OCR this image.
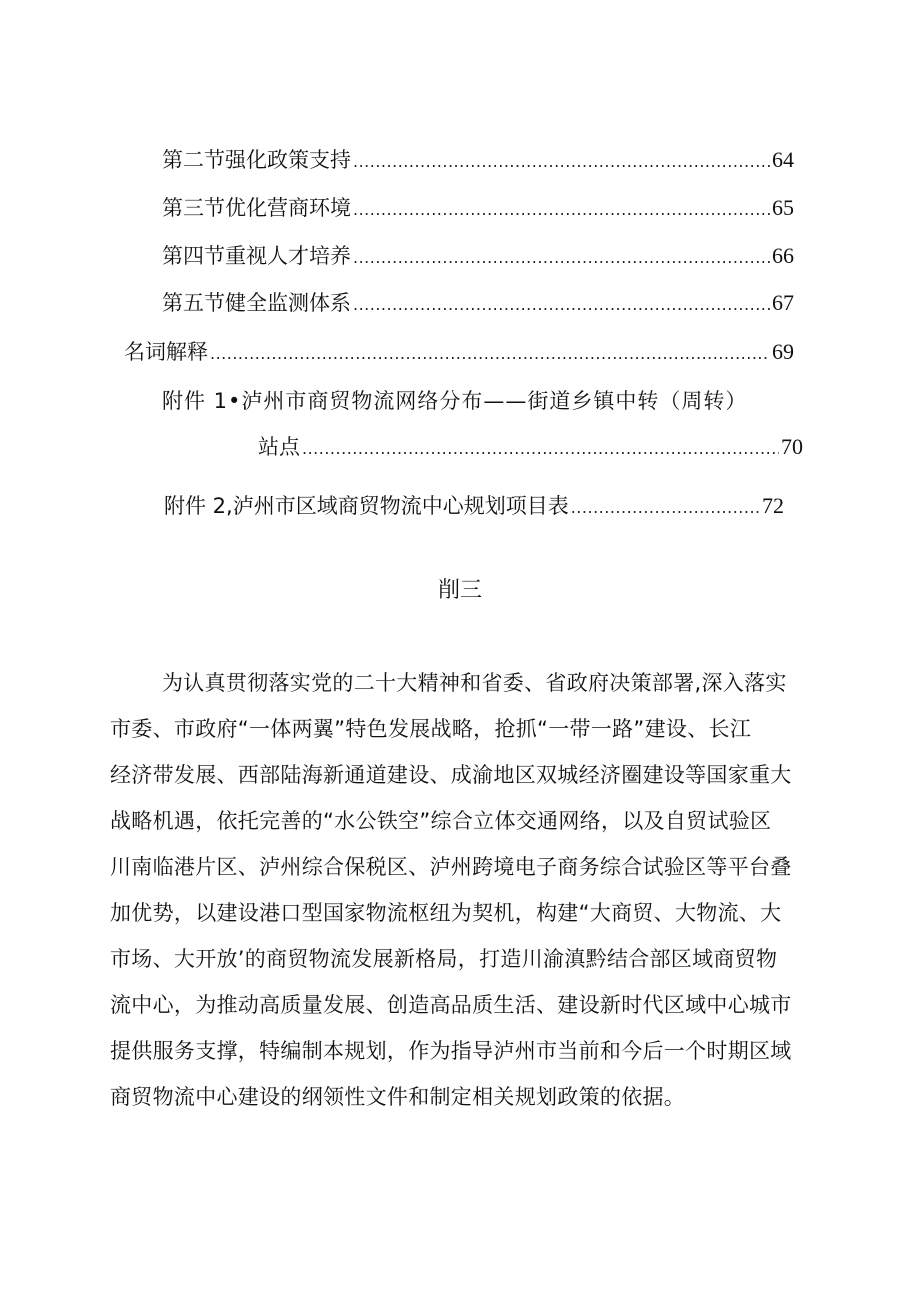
第二节强化政策支持 .....	64
第三节优化营商环境 .....	65
第四节重视人才培养 .....	66
第五节健全监测体系 .....	67
名词解释 .....	69
附件 1•泸州市商贸物流网络分布——街道乡镇中转（周转）
站点 .....	70
附件 2,泸州市区域商贸物流中心规划项目表 .....	72
削三
为认真贯彻落实党的二十大精神和省委、省政府决策部署,深入落实
市委、市政府“一体两翼”特色发展战略，抢抓“一带一路”建设、长江
经济带发展、西部陆海新通道建设、成渝地区双城经济圈建设等国家重大
战略机遇，依托完善的“水公铁空”综合立体交通网络，以及自贸试验区
川南临港片区、泸州综合保税区、泸州跨境电子商务综合试验区等平台叠
加优势，以建设港口型国家物流枢纽为契机，构建“大商贸、大物流、大
市场、大开放’的商贸物流发展新格局，打造川渝滇黔结合部区域商贸物
流中心，为推动高质量发展、创造高品质生活、建设新时代区域中心城市
提供服务支撑，特编制本规划，作为指导泸州市当前和今后一个时期区域
商贸物流中心建设的纲领性文件和制定相关规划政策的依据。
